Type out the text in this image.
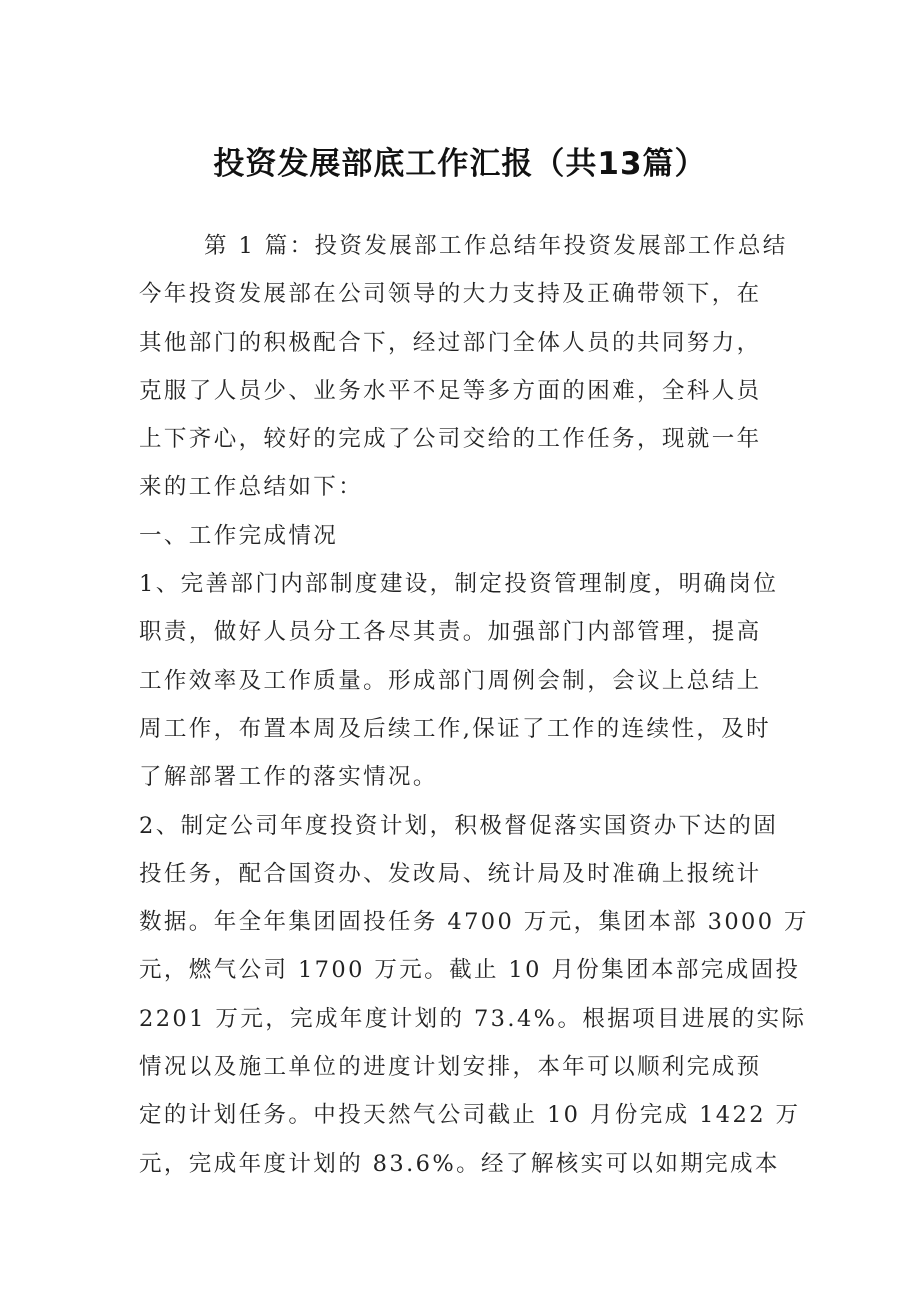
投资发展部底工作汇报（共13篇）
第 1 篇：投资发展部工作总结年投资发展部工作总结
今年投资发展部在公司领导的大力支持及正确带领下，在
其他部门的积极配合下，经过部门全体人员的共同努力，
克服了人员少、业务水平不足等多方面的困难，全科人员
上下齐心，较好的完成了公司交给的工作任务，现就一年
来的工作总结如下：
一、工作完成情况
1、完善部门内部制度建设，制定投资管理制度，明确岗位
职责，做好人员分工各尽其责。加强部门内部管理，提高
工作效率及工作质量。形成部门周例会制，会议上总结上
周工作，布置本周及后续工作,保证了工作的连续性，及时
了解部署工作的落实情况。
2、制定公司年度投资计划，积极督促落实国资办下达的固
投任务，配合国资办、发改局、统计局及时准确上报统计
数据。年全年集团固投任务 4700 万元，集团本部 3000 万
元，燃气公司 1700 万元。截止 10 月份集团本部完成固投
2201 万元，完成年度计划的 73.4%。根据项目进展的实际
情况以及施工单位的进度计划安排，本年可以顺利完成预
定的计划任务。中投天然气公司截止 10 月份完成 1422 万
元，完成年度计划的 83.6%。经了解核实可以如期完成本
